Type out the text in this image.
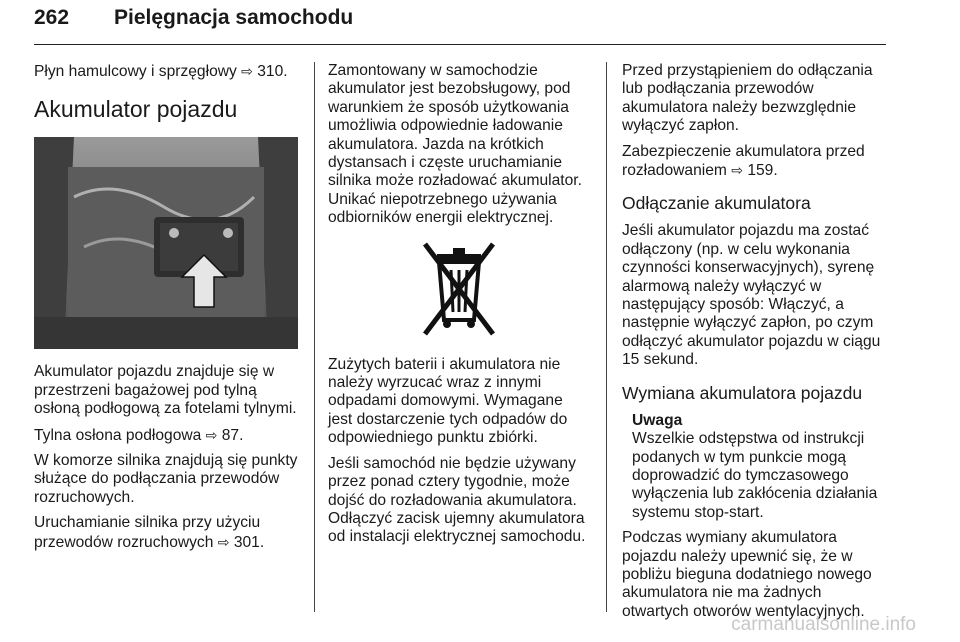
262 Pielęgnacja samochodu

Płyn hamulcowy i sprzęgłowy ⇨ 310.

Akumulator pojazdu

Akumulator pojazdu znajduje się w przestrzeni bagażowej pod tylną osłoną podłogową za fotelami tylnymi.

Tylna osłona podłogowa ⇨ 87.

W komorze silnika znajdują się punkty służące do podłączania przewodów rozruchowych.

Uruchamianie silnika przy użyciu przewodów rozruchowych ⇨ 301.

Zamontowany w samochodzie akumulator jest bezobsługowy, pod warunkiem że sposób użytkowania umożliwia odpowiednie ładowanie akumulatora. Jazda na krótkich dystansach i częste uruchamianie silnika może rozładować akumulator. Unikać niepotrzebnego używania odbiorników energii elektrycznej.

Zużytych baterii i akumulatora nie należy wyrzucać wraz z innymi odpadami domowymi. Wymagane jest dostarczenie tych odpadów do odpowiedniego punktu zbiórki.

Jeśli samochód nie będzie używany przez ponad cztery tygodnie, może dojść do rozładowania akumulatora. Odłączyć zacisk ujemny akumulatora od instalacji elektrycznej samochodu.

Przed przystąpieniem do odłączania lub podłączania przewodów akumulatora należy bezwzględnie wyłączyć zapłon.

Zabezpieczenie akumulatora przed rozładowaniem ⇨ 159.

Odłączanie akumulatora

Jeśli akumulator pojazdu ma zostać odłączony (np. w celu wykonania czynności konserwacyjnych), syrenę alarmową należy wyłączyć w następujący sposób: Włączyć, a następnie wyłączyć zapłon, po czym odłączyć akumulator pojazdu w ciągu 15 sekund.

Wymiana akumulatora pojazdu
Uwaga

Wszelkie odstępstwa od instrukcji podanych w tym punkcie mogą doprowadzić do tymczasowego wyłączenia lub zakłócenia działania systemu stop-start.

Podczas wymiany akumulatora pojazdu należy upewnić się, że w pobliżu bieguna dodatniego nowego akumulatora nie ma żadnych otwartych otworów wentylacyjnych.

carmanualsonline.info
